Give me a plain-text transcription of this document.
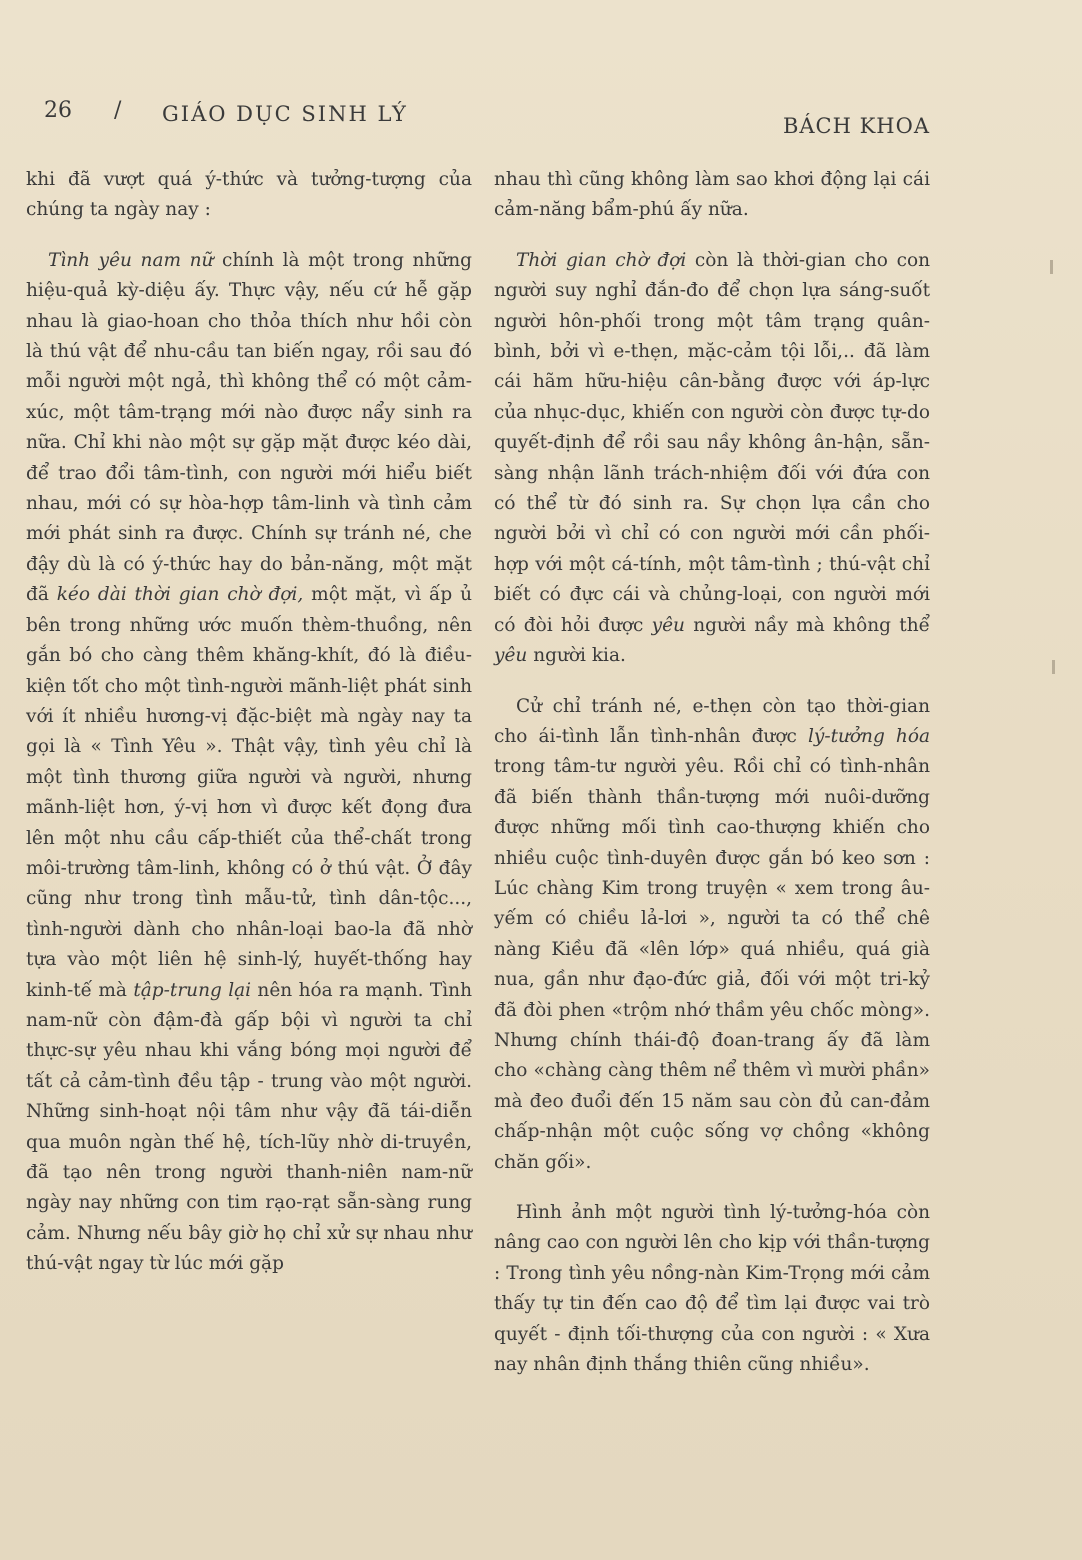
26 / GIÁO DỤC SINH LÝ	BÁCH KHOA

khi đã vượt quá ý-thức và tưởng-tượng của chúng ta ngày nay :

Tình yêu nam nữ chính là một trong những hiệu-quả kỳ-diệu ấy. Thực vậy, nếu cứ hễ gặp nhau là giao-hoan cho thỏa thích như hồi còn là thú vật để nhu-cầu tan biến ngay, rồi sau đó mỗi người một ngả, thì không thể có một cảm-xúc, một tâm-trạng mới nào được nẩy sinh ra nữa. Chỉ khi nào một sự gặp mặt được kéo dài, để trao đổi tâm-tình, con người mới hiểu biết nhau, mới có sự hòa-hợp tâm-linh và tình cảm mới phát sinh ra được. Chính sự tránh né, che đậy dù là có ý-thức hay do bản-năng, một mặt đã kéo dài thời gian chờ đợi, một mặt, vì ấp ủ bên trong những ước muốn thèm-thuồng, nên gắn bó cho càng thêm khăng-khít, đó là điều-kiện tốt cho một tình-người mãnh-liệt phát sinh với ít nhiều hương-vị đặc-biệt mà ngày nay ta gọi là « Tình Yêu ». Thật vậy, tình yêu chỉ là một tình thương giữa người và người, nhưng mãnh-liệt hơn, ý-vị hơn vì được kết đọng đưa lên một nhu cầu cấp-thiết của thể-chất trong môi-trường tâm-linh, không có ở thú vật. Ở đây cũng như trong tình mẫu-tử, tình dân-tộc..., tình-người dành cho nhân-loại bao-la đã nhờ tựa vào một liên hệ sinh-lý, huyết-thống hay kinh-tế mà tập-trung lại nên hóa ra mạnh. Tình nam-nữ còn đậm-đà gấp bội vì người ta chỉ thực-sự yêu nhau khi vắng bóng mọi người để tất cả cảm-tình đều tập - trung vào một người. Những sinh-hoạt nội tâm như vậy đã tái-diễn qua muôn ngàn thế hệ, tích-lũy nhờ di-truyền, đã tạo nên trong người thanh-niên nam-nữ ngày nay những con tim rạo-rạt sẵn-sàng rung cảm. Nhưng nếu bây giờ họ chỉ xử sự nhau như thú-vật ngay từ lúc mới gặp

nhau thì cũng không làm sao khơi động lại cái cảm-năng bẩm-phú ấy nữa.

Thời gian chờ đợi còn là thời-gian cho con người suy nghỉ đắn-đo để chọn lựa sáng-suốt người hôn-phối trong một tâm trạng quân-bình, bởi vì e-thẹn, mặc-cảm tội lỗi,.. đã làm cái hãm hữu-hiệu cân-bằng được với áp-lực của nhục-dục, khiến con người còn được tự-do quyết-định để rồi sau nầy không ân-hận, sẵn-sàng nhận lãnh trách-nhiệm đối với đứa con có thể từ đó sinh ra. Sự chọn lựa cần cho người bởi vì chỉ có con người mới cần phối-hợp với một cá-tính, một tâm-tình ; thú-vật chỉ biết có đực cái và chủng-loại, con người mới có đòi hỏi được yêu người nầy mà không thể yêu người kia.

Cử chỉ tránh né, e-thẹn còn tạo thời-gian cho ái-tình lẫn tình-nhân được lý-tưởng hóa trong tâm-tư người yêu. Rồi chỉ có tình-nhân đã biến thành thần-tượng mới nuôi-dưỡng được những mối tình cao-thượng khiến cho nhiều cuộc tình-duyên được gắn bó keo sơn : Lúc chàng Kim trong truyện « xem trong âu-yếm có chiều lả-lơi », người ta có thể chê nàng Kiều đã «lên lớp» quá nhiều, quá già nua, gần như đạo-đức giả, đối với một tri-kỷ đã đòi phen «trộm nhớ thầm yêu chốc mòng». Nhưng chính thái-độ đoan-trang ấy đã làm cho «chàng càng thêm nể thêm vì mười phần» mà đeo đuổi đến 15 năm sau còn đủ can-đảm chấp-nhận một cuộc sống vợ chồng «không chăn gối».

Hình ảnh một người tình lý-tưởng-hóa còn nâng cao con người lên cho kịp với thần-tượng : Trong tình yêu nồng-nàn Kim-Trọng mới cảm thấy tự tin đến cao độ để tìm lại được vai trò quyết - định tối-thượng của con người : « Xưa nay nhân định thắng thiên cũng nhiều».
